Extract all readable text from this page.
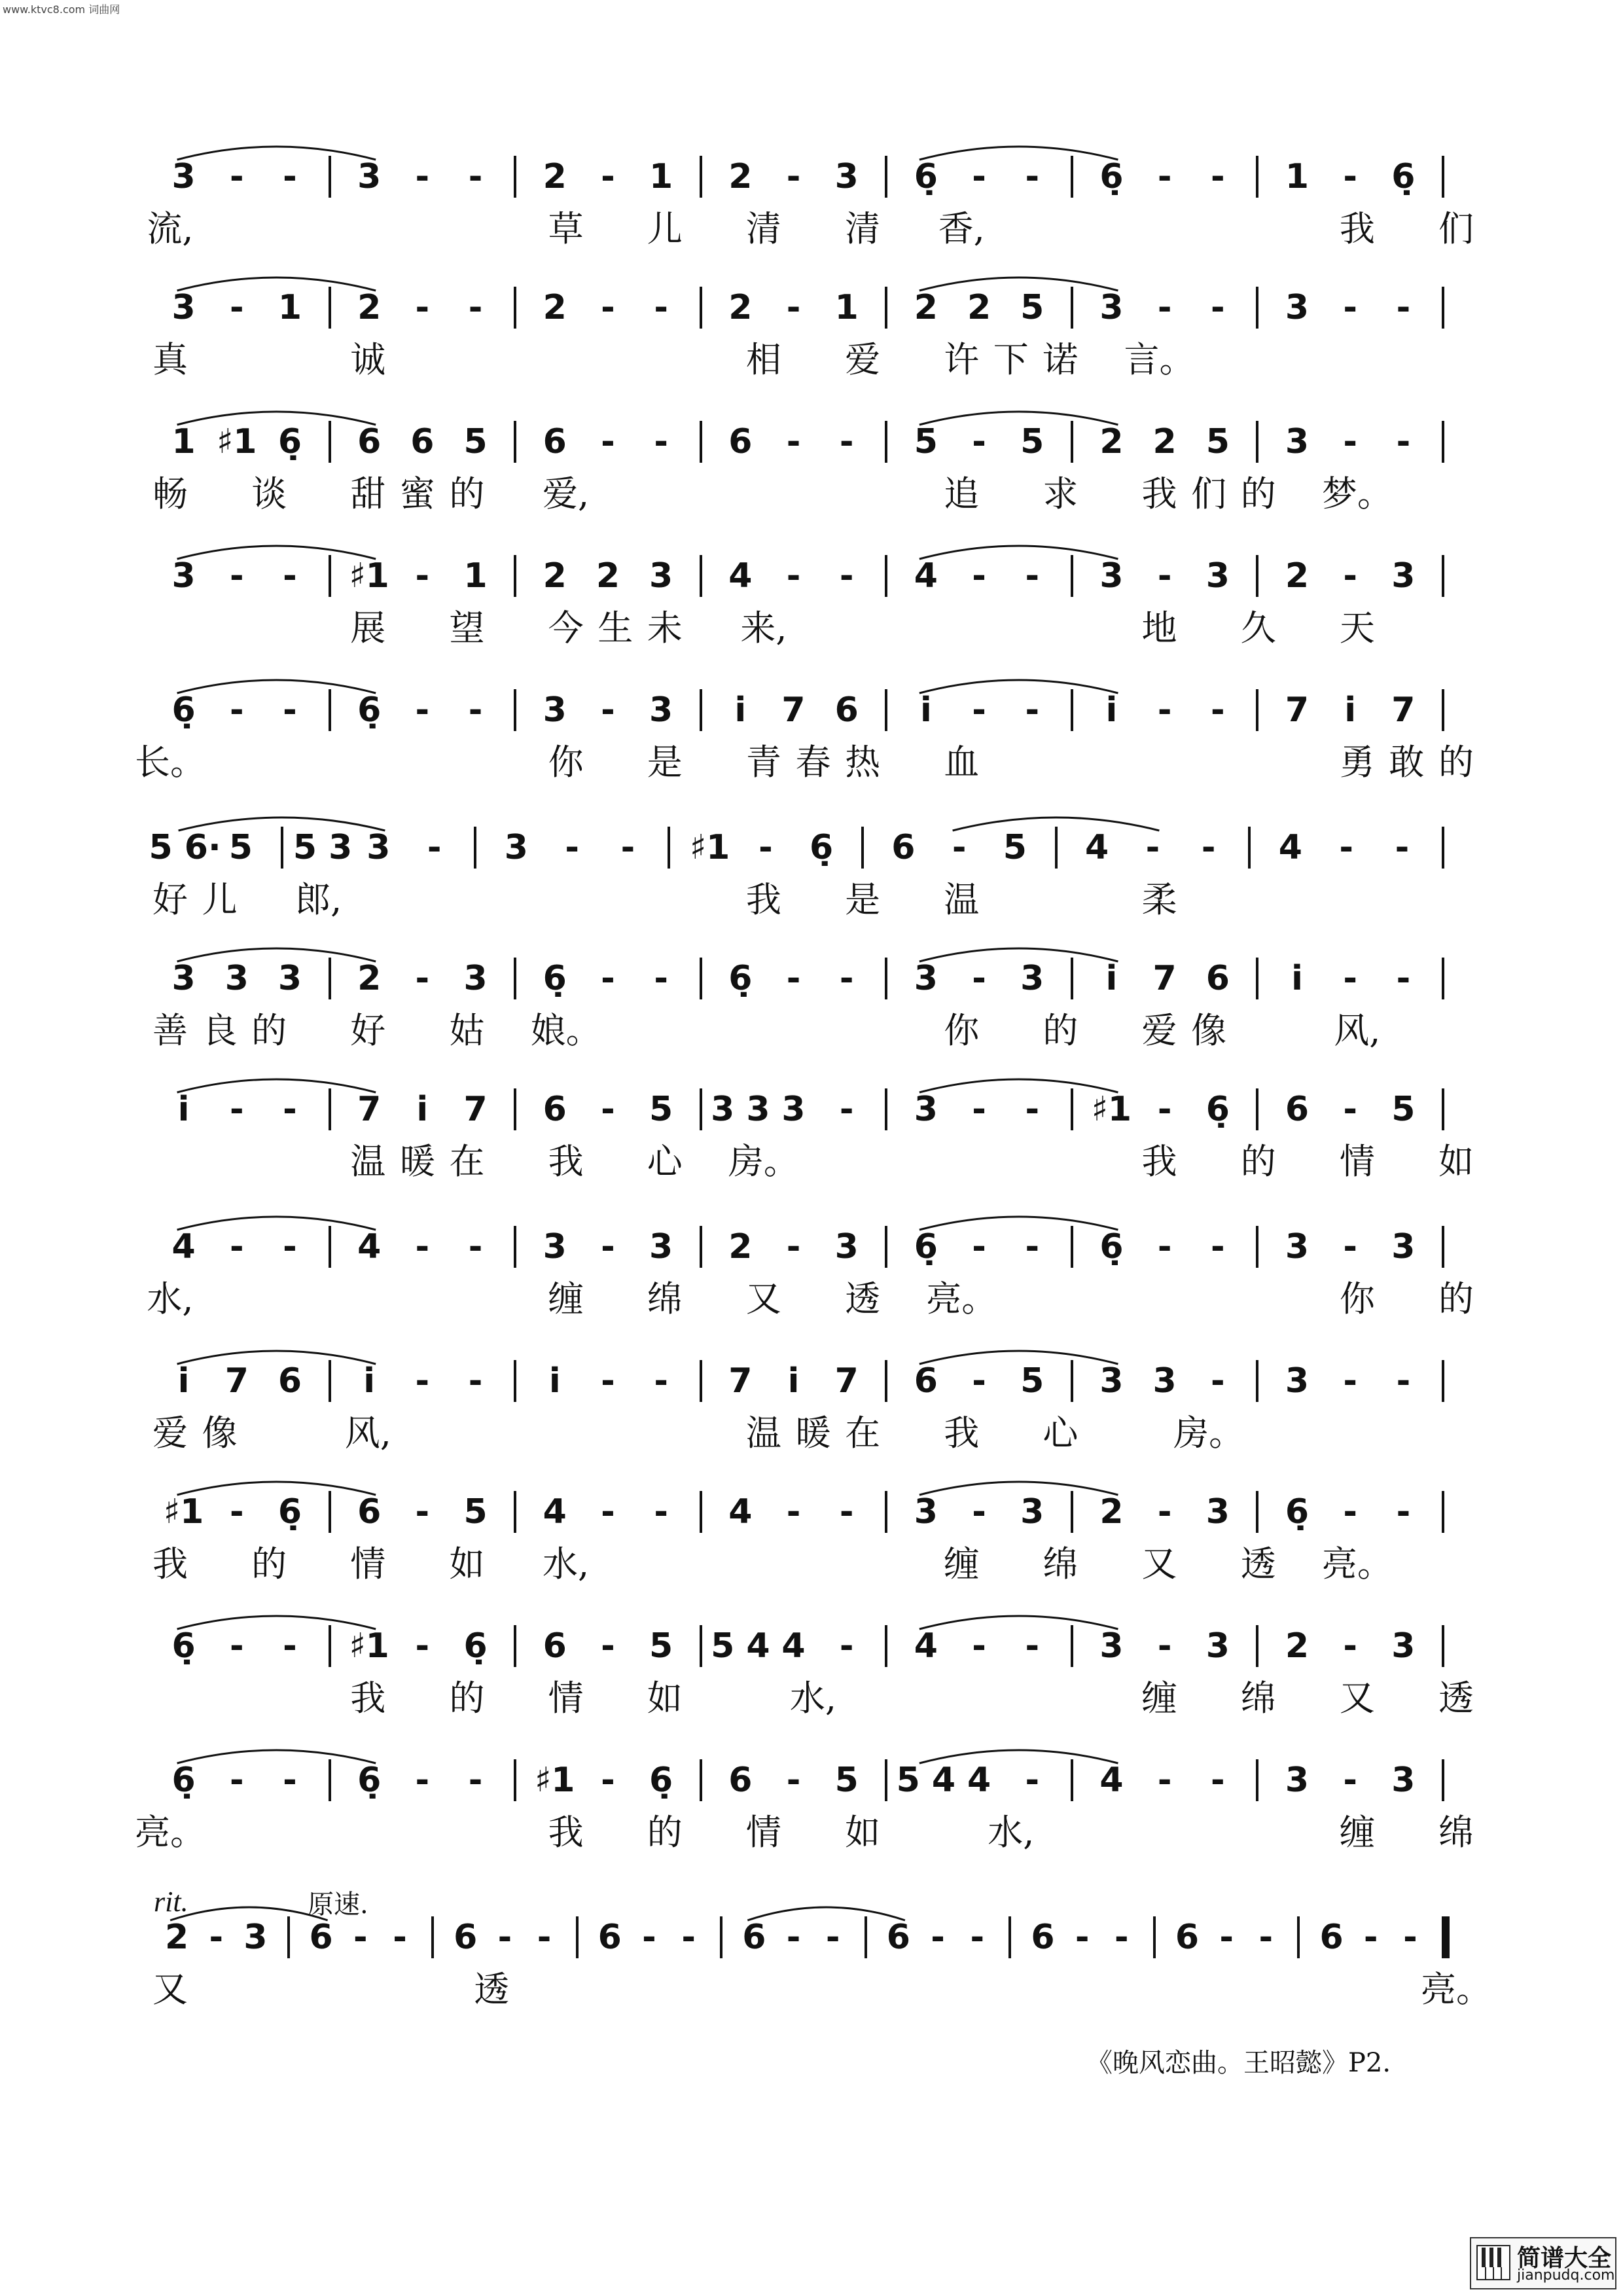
www.ktvc8.com 词曲网
3 - - 3 - - 2 - 1 2 - 3 6̣ - - 6̣ - - 1 - 6̣
流,	草 儿 清 清 香,	我 们
3 - 1 2 - - 2 - - 2 - 1 2 2 5 3 - - 3 - -
真	诚	相 爱 许 下 诺 言。
1 ♯1 6̣ 6 6 5 6 - - 6 - - 5 - 5 2 2 5 3 - -
畅 谈 甜 蜜 的 爱,	追 求 我 们 的 梦。
3 - - ♯1 - 1 2 2 3 4 - - 4 - - 3 - 3 2 - 3
展 望 今 生 未 来,	地 久 天
6̣ - - 6̣ - - 3 - 3 i̇ 7 6 i̇ - - i̇ - - 7 i̇ 7
长。	你 是 青 春 热 血	勇 敢 的
5 6· 5 5 3 3 - 3 - - ♯1 - 6̣ 6 - 5 4 - - 4 - -
好 儿 郎,	我 是 温	柔
3 3 3 2 - 3 6̣ - - 6̣ - - 3 - 3 i̇ 7 6 i̇ - -
善 良 的 好 姑 娘。	你 的 爱 像	风,
i̇ - - 7 i̇ 7 6 - 5 3 3 3 - 3 - - ♯1 - 6̣ 6 - 5
温 暖 在 我 心 房。	我 的 情 如
4 - - 4 - - 3 - 3 2 - 3 6̣ - - 6̣ - - 3 - 3
水,	缠 绵 又 透 亮。	你 的
i̇ 7 6 i̇ - - i̇ - - 7 i̇ 7 6 - 5 3 3 - 3 - -
爱 像	风,	温 暖 在 我 心	房。
♯1 - 6̣ 6 - 5 4 - - 4 - - 3 - 3 2 - 3 6̣ - -
我 的 情 如 水,	缠 绵 又 透 亮。
6̣ - - ♯1 - 6̣ 6 - 5 5 4 4 - 4 - - 3 - 3 2 - 3
我 的 情 如	水,	缠 绵 又 透
6̣ - - 6̣ - - ♯1 - 6̣ 6 - 5 5 4 4 - 4 - - 3 - 3
亮。	我 的 情 如	水,	缠 绵
2 - 3 6 - - 6 - - 6 - - 6 - - 6 - - 6 - - 6 - - 6 - -
又	透	亮。
《晚风恋曲。王昭懿》P2.
简谱大全
jianpudq.com
rit.	原速.
